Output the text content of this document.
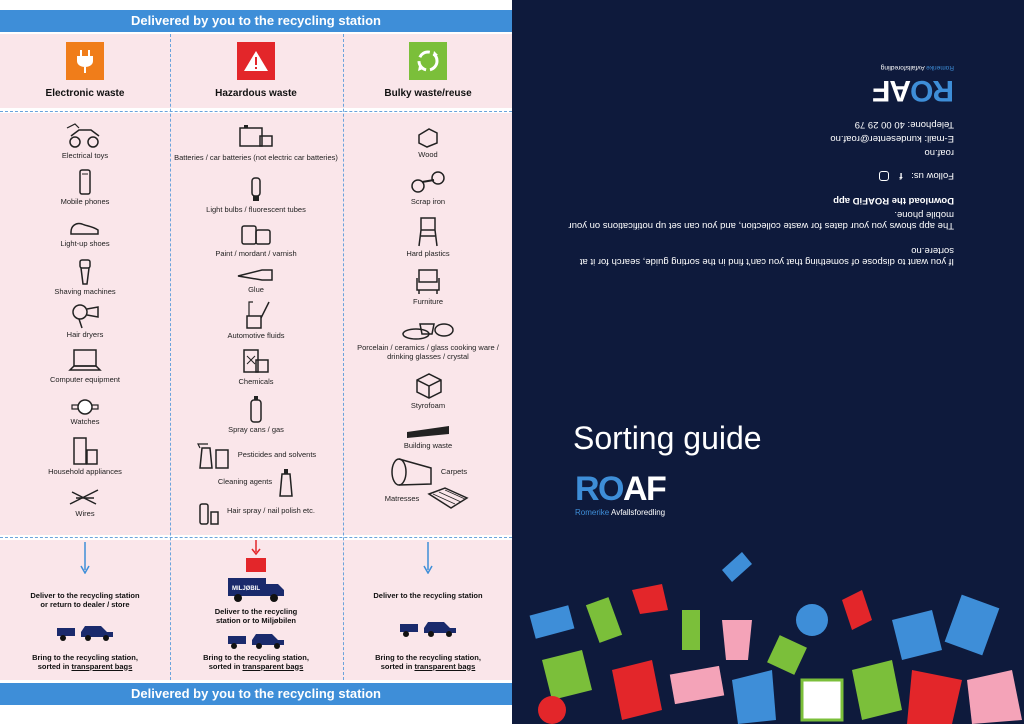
Delivered by you to the recycling station
Electronic waste	Hazardous waste	Bulky waste/reuse
Electrical toys
Mobile phones
Light-up shoes
Shaving machines
Hair dryers
Computer equipment
Watches
Household appliances
Wires
Batteries / car batteries (not electric car batteries)
Light bulbs / fluorescent tubes
Paint / mordant / varnish
Glue
Automotive fluids
Chemicals
Spray cans / gas
Pesticides and solvents
Cleaning agents
Hair spray / nail polish etc.
Wood
Scrap iron
Hard plastics
Furniture
Porcelain / ceramics / glass cooking ware / drinking glasses / crystal
Styrofoam
Building waste
Carpets
Matresses
Deliver to the recycling station
or return to dealer / store
Deliver to the recycling station
MILJØBIL
Deliver to the recycling
station or to Miljøbilen
Bring to the recycling station,
sorted in transparent bags
Bring to the recycling station,
sorted in transparent bags
Bring to the recycling station,
sorted in transparent bags
Delivered by you to the recycling station

If you want to dispose of something that you can't find in the sorting guide, search for it at sortere.no

The app shows you your dates for waste collection, and you can set up notifications on your mobile phone.

Download the ROAFiD app

Follow us: f

roaf.no

E-mail: kundesenter@roaf.no

Telephone: 40 00 29 79

ROAF
Romerike Avfallsforedling
Sorting guide
ROAF
Romerike Avfallsforedling
